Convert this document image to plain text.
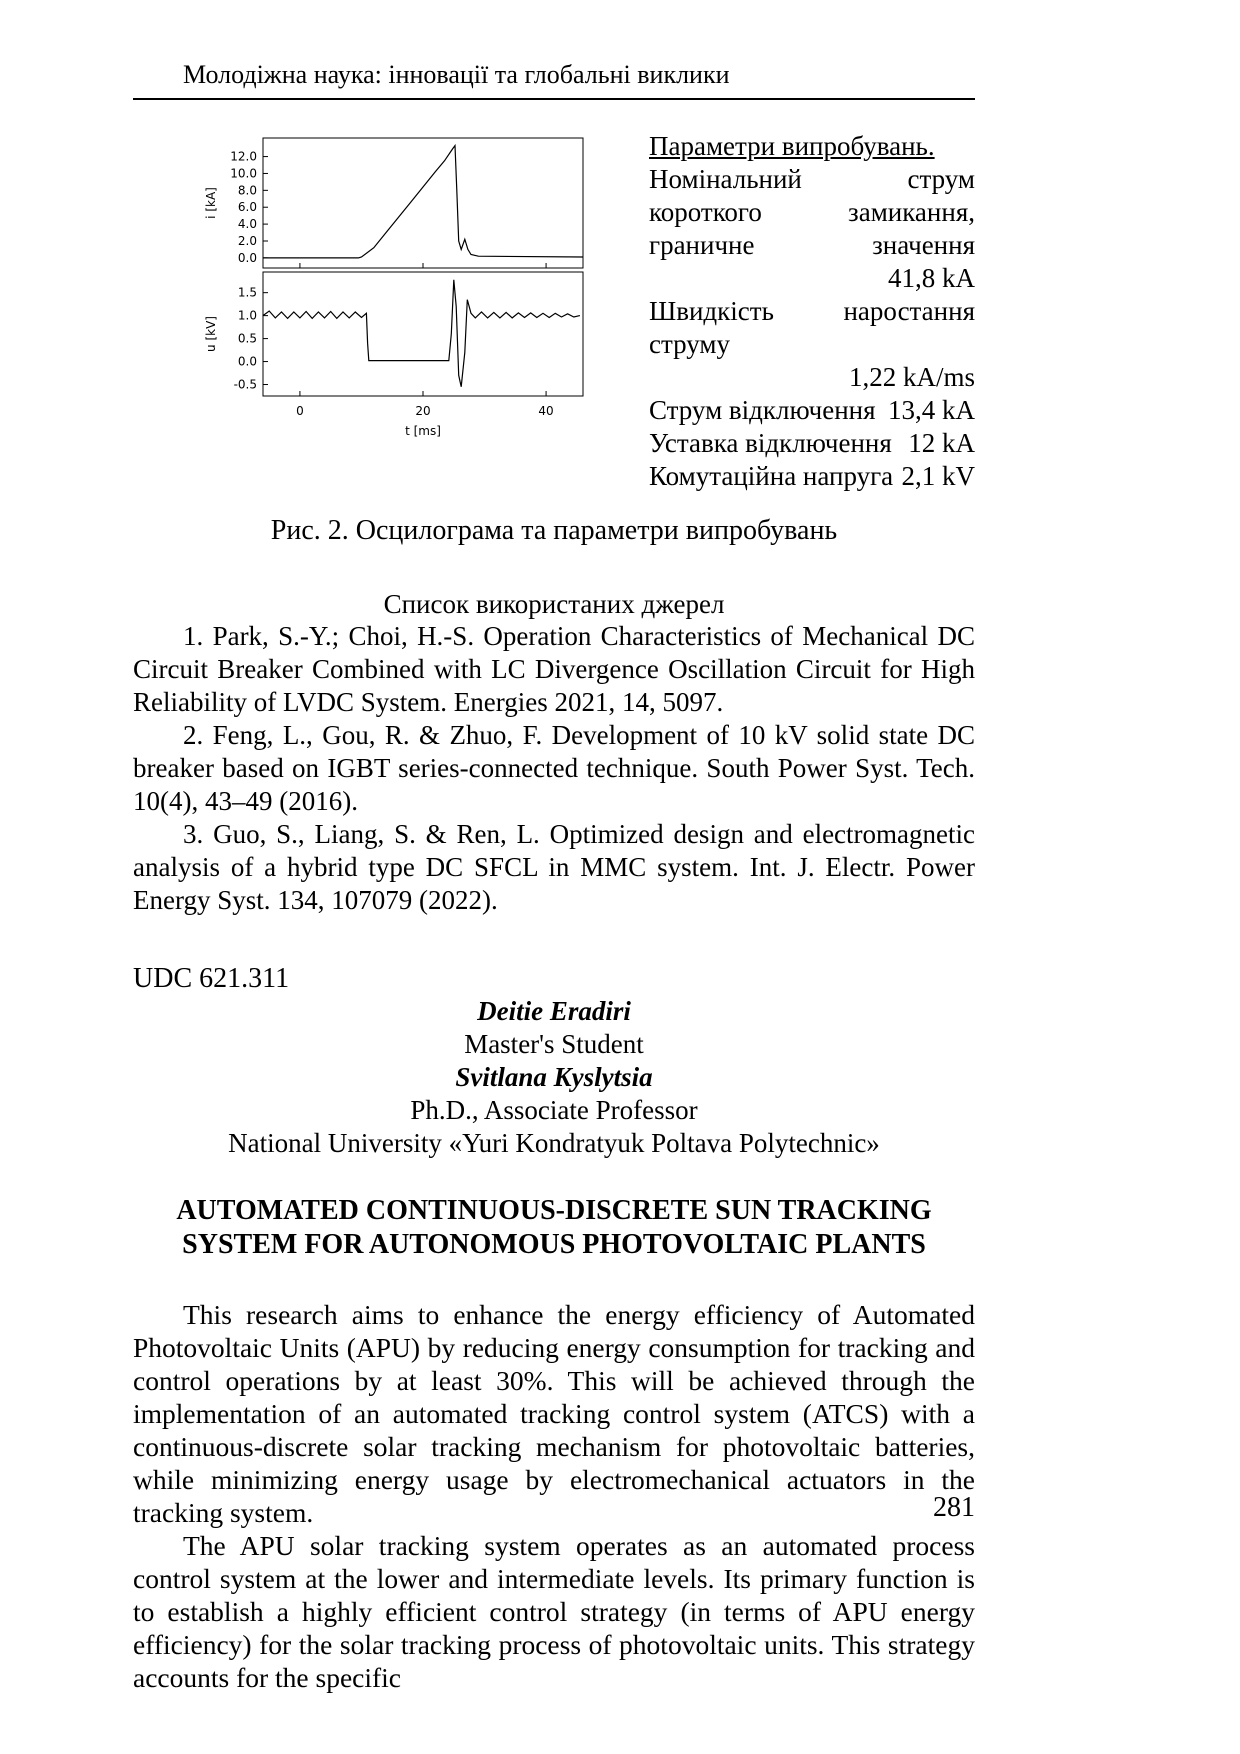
Молодіжна наука: інновації та глобальні виклики
0.0
2.0
4.0
6.0
8.0
10.0
12.0
i [kA]
-0.5
0.0
0.5
1.0
1.5
0	20	40
u [kV]
t [ms]
Параметри випробувань.
Номінальний струм короткого замикання, граничне значення
41,8 kA
Швидкість наростання струму
1,22 kA/ms
Струм відключення 13,4 kA
Уставка відключення 12 kA
Комутаційна напруга 2,1 kV
Рис. 2. Осцилограма та параметри випробувань
Список використаних джерел

1. Park, S.-Y.; Choi, H.-S. Operation Characteristics of Mechanical DC Circuit Breaker Combined with LC Divergence Oscillation Circuit for High Reliability of LVDC System. Energies 2021, 14, 5097.

2. Feng, L., Gou, R. & Zhuo, F. Development of 10 kV solid state DC breaker based on IGBT series-connected technique. South Power Syst. Tech. 10(4), 43–49 (2016).

3. Guo, S., Liang, S. & Ren, L. Optimized design and electromagnetic analysis of a hybrid type DC SFCL in MMC system. Int. J. Electr. Power Energy Syst. 134, 107079 (2022).

UDC 621.311
Deitie Eradiri
Master's Student
Svitlana Kyslytsia
Ph.D., Associate Professor
National University «Yuri Kondratyuk Poltava Polytechnic»
AUTOMATED CONTINUOUS-DISCRETE SUN TRACKING SYSTEM FOR AUTONOMOUS PHOTOVOLTAIC PLANTS

This research aims to enhance the energy efficiency of Automated Photovoltaic Units (APU) by reducing energy consumption for tracking and control operations by at least 30%. This will be achieved through the implementation of an automated tracking control system (ATCS) with a continuous-discrete solar tracking mechanism for photovoltaic batteries, while minimizing energy usage by electromechanical actuators in the tracking system.

The APU solar tracking system operates as an automated process control system at the lower and intermediate levels. Its primary function is to establish a highly efficient control strategy (in terms of APU energy efficiency) for the solar tracking process of photovoltaic units. This strategy accounts for the specific

281
